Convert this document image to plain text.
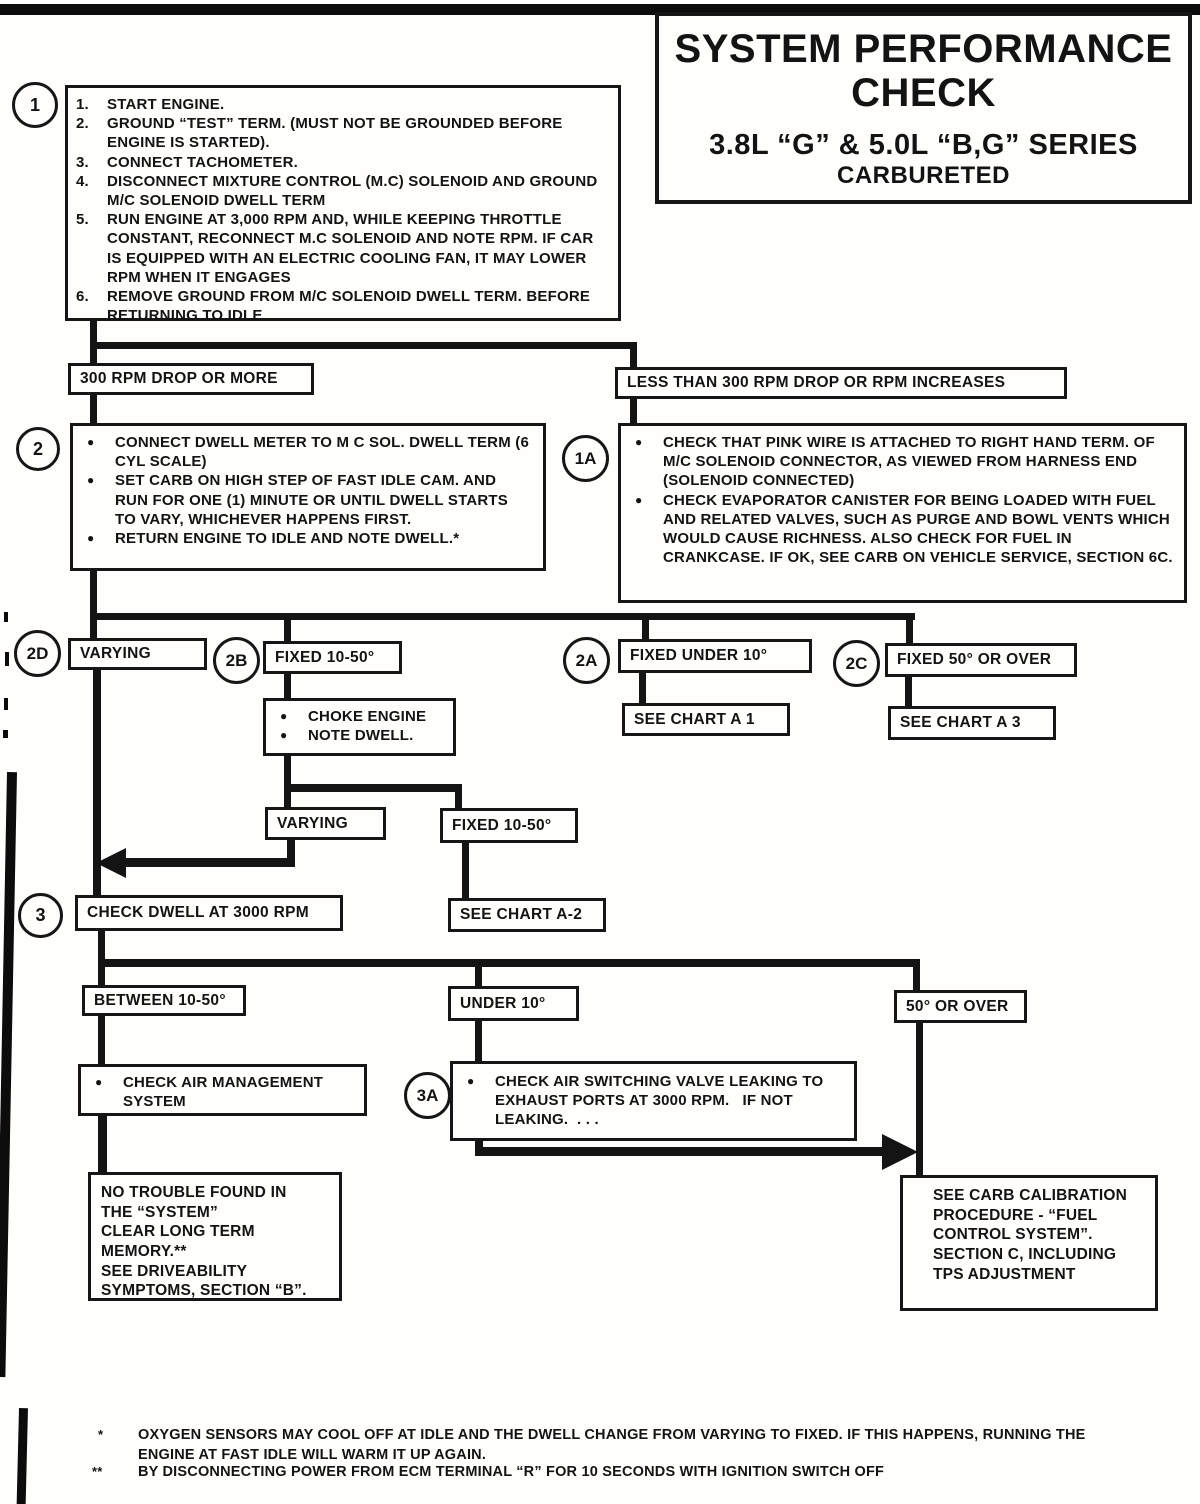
SYSTEM PERFORMANCE
CHECK
3.8L “G” & 5.0L “B,G” SERIES
CARBURETED
1 1.	START ENGINE.
2.	GROUND “TEST” TERM. (MUST NOT BE GROUNDED BEFORE ENGINE IS STARTED).
3.	CONNECT TACHOMETER.
4.	DISCONNECT MIXTURE CONTROL (M.C) SOLENOID AND GROUND M/C SOLENOID DWELL TERM
5.	RUN ENGINE AT 3,000 RPM AND, WHILE KEEPING THROTTLE CONSTANT, RECONNECT M.C SOLENOID AND NOTE RPM. IF CAR IS EQUIPPED WITH AN ELECTRIC COOLING FAN, IT MAY LOWER RPM WHEN IT ENGAGES
6.	REMOVE GROUND FROM M/C SOLENOID DWELL TERM. BEFORE RETURNING TO IDLE
300 RPM DROP OR MORE	LESS THAN 300 RPM DROP OR RPM INCREASES
2	● CONNECT DWELL METER TO M C SOL. DWELL TERM (6 CYL SCALE)
● SET CARB ON HIGH STEP OF FAST IDLE CAM. AND RUN FOR ONE (1) MINUTE OR UNTIL DWELL STARTS TO VARY, WHICHEVER HAPPENS FIRST.
● RETURN ENGINE TO IDLE AND NOTE DWELL.*
1A
● CHECK THAT PINK WIRE IS ATTACHED TO RIGHT HAND TERM. OF M/C SOLENOID CONNECTOR, AS VIEWED FROM HARNESS END (SOLENOID CONNECTED)
● CHECK EVAPORATOR CANISTER FOR BEING LOADED WITH FUEL AND RELATED VALVES, SUCH AS PURGE AND BOWL VENTS WHICH WOULD CAUSE RICHNESS. ALSO CHECK FOR FUEL IN CRANKCASE. IF OK, SEE CARB ON VEHICLE SERVICE, SECTION 6C.
2D VARYING	2B FIXED 10-50°	2A FIXED UNDER 10°	2C FIXED 50° OR OVER
SEE CHART A 1	SEE CHART A 3
● CHOKE ENGINE
● NOTE DWELL.
VARYING	FIXED 10-50°
SEE CHART A-2
3	CHECK DWELL AT 3000 RPM
BETWEEN 10-50°	UNDER 10°	50° OR OVER
● CHECK AIR MANAGEMENT SYSTEM
NO TROUBLE FOUND IN
THE “SYSTEM”
CLEAR LONG TERM
MEMORY.**
SEE DRIVEABILITY
SYMPTOMS, SECTION “B”.
3A
● CHECK AIR SWITCHING VALVE LEAKING TO EXHAUST PORTS AT 3000 RPM.   IF NOT LEAKING.  . . .
SEE CARB CALIBRATION
PROCEDURE - “FUEL
CONTROL SYSTEM”.
SECTION C, INCLUDING
TPS ADJUSTMENT
*	OXYGEN SENSORS MAY COOL OFF AT IDLE AND THE DWELL CHANGE FROM VARYING TO FIXED. IF THIS HAPPENS, RUNNING THE ENGINE AT FAST IDLE WILL WARM IT UP AGAIN.
**	BY DISCONNECTING POWER FROM ECM TERMINAL “R” FOR 10 SECONDS WITH IGNITION SWITCH OFF
